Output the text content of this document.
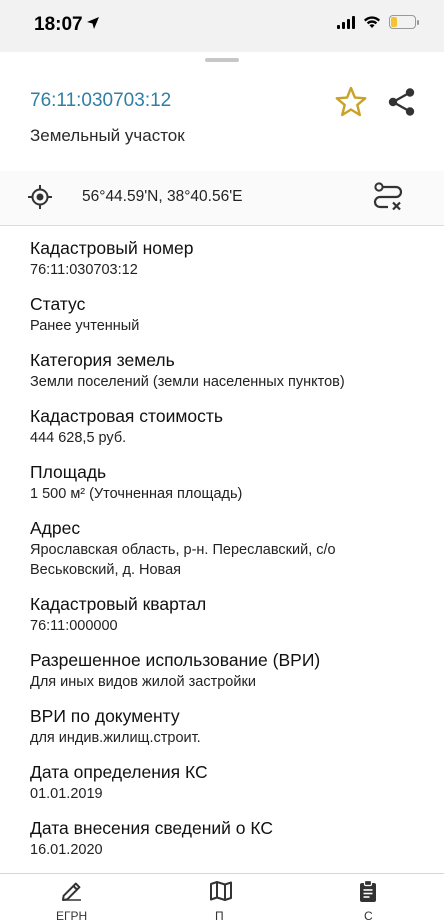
18:07
76:11:030703:12
Земельный участок
56°44.59'N, 38°40.56'E
Кадастровый номер
76:11:030703:12
Статус
Ранее учтенный
Категория земель
Земли поселений (земли населенных пунктов)
Кадастровая стоимость
444 628,5 руб.
Площадь
1 500 м² (Уточненная площадь)
Адрес
Ярославская область, р-н. Переславский, с/о Веськовский, д. Новая
Кадастровый квартал
76:11:000000
Разрешенное использование (ВРИ)
Для иных видов жилой застройки
ВРИ по документу
для индив.жилищ.строит.
Дата определения КС
01.01.2019
Дата внесения сведений о КС
16.01.2020
ЕГРН	П	С
